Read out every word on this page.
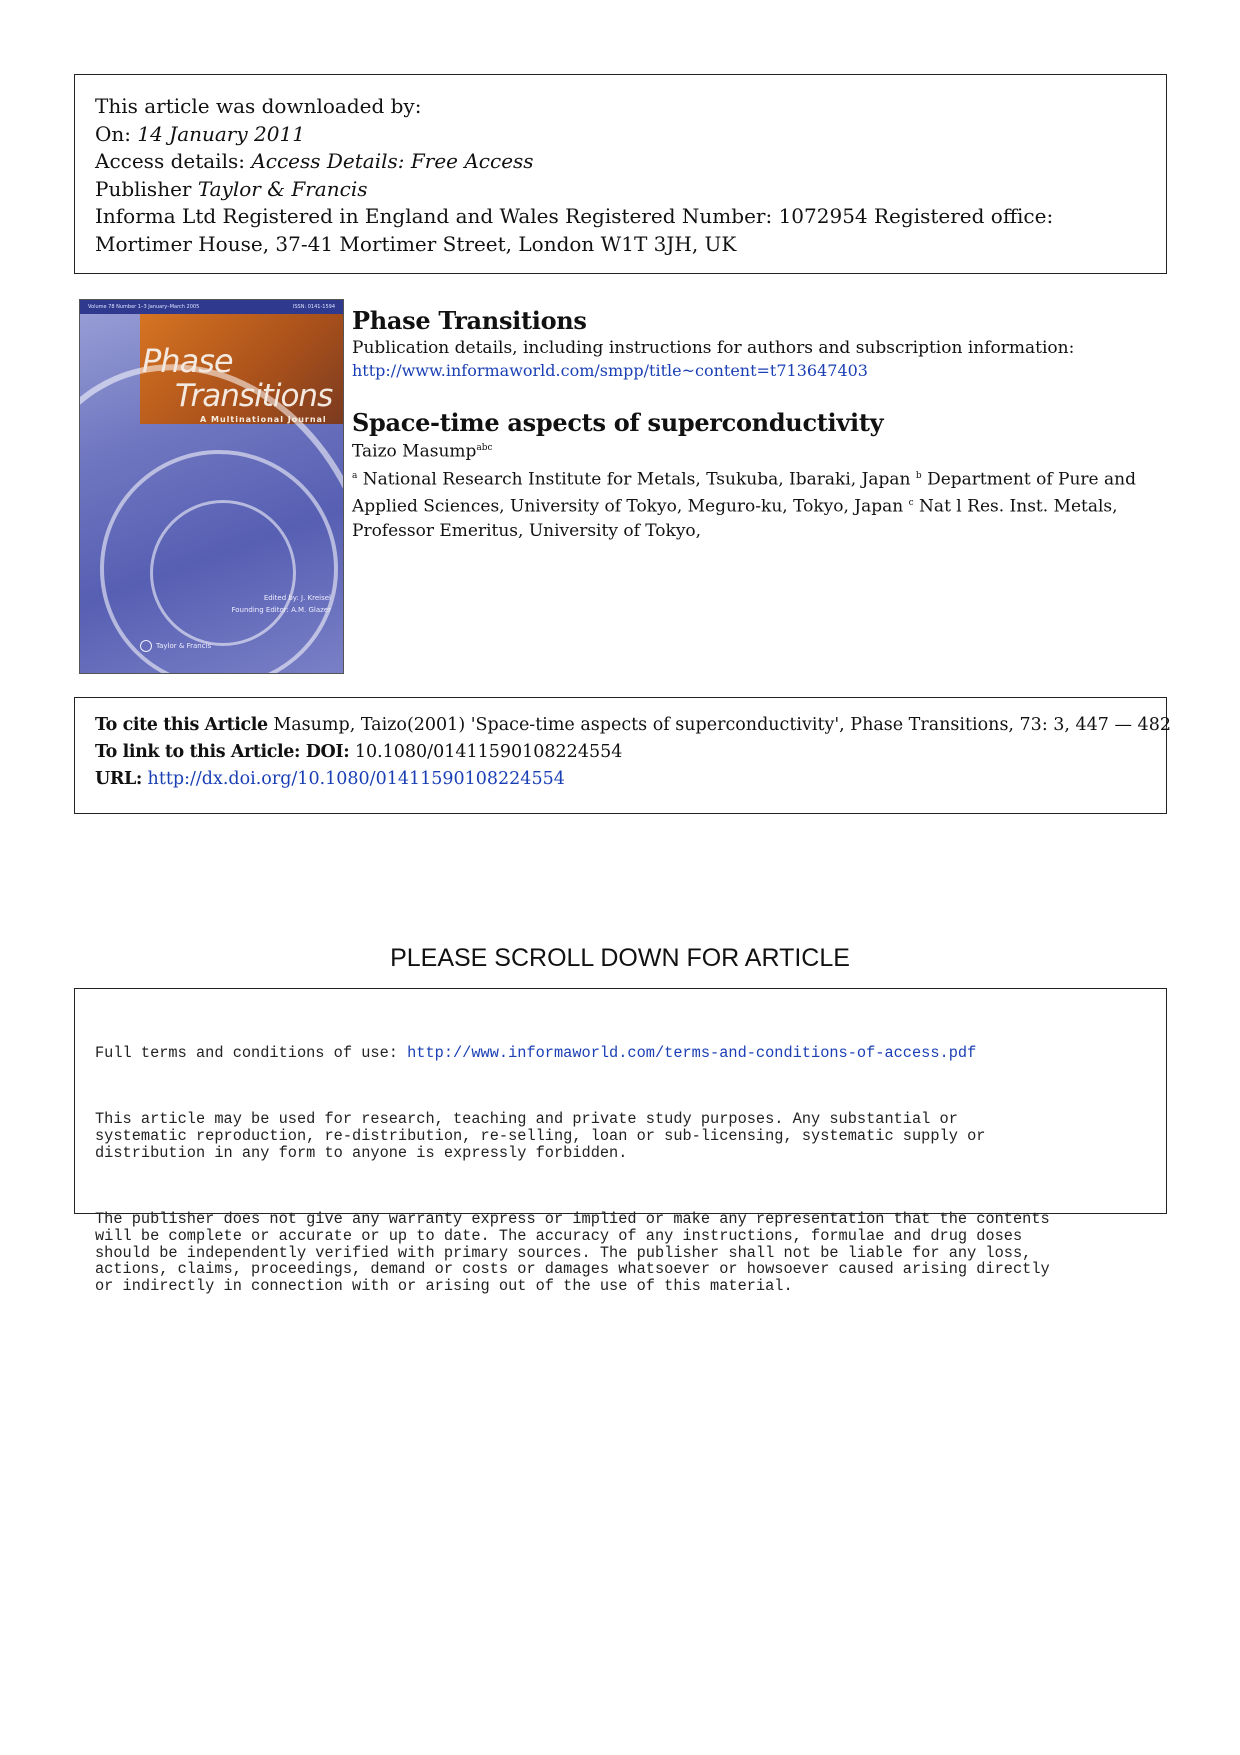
This article was downloaded by:
On: 14 January 2011
Access details: Access Details: Free Access
Publisher Taylor & Francis
Informa Ltd Registered in England and Wales Registered Number: 1072954 Registered office: Mortimer House, 37-41 Mortimer Street, London W1T 3JH, UK
Volume 78 Number 1–3 January–March 2005	ISSN: 0141-1594
Phase
Transitions
A Multinational Journal
Edited by: J. Kreisel
Founding Editor: A.M. Glazer
Taylor & Francis
Phase Transitions
Publication details, including instructions for authors and subscription information:
http://www.informaworld.com/smpp/title~content=t713647403
Space-time aspects of superconductivity
Taizo Masump$^{abc}$
$^a$ National Research Institute for Metals, Tsukuba, Ibaraki, Japan $^b$ Department of Pure and Applied Sciences, University of Tokyo, Meguro-ku, Tokyo, Japan $^c$ Nat l Res. Inst. Metals, Professor Emeritus, University of Tokyo,
To cite this Article Masump, Taizo(2001) 'Space-time aspects of superconductivity', Phase Transitions, 73: 3, 447 — 482
To link to this Article: DOI: 10.1080/01411590108224554
URL: http://dx.doi.org/10.1080/01411590108224554
PLEASE SCROLL DOWN FOR ARTICLE

Full terms and conditions of use: http://www.informaworld.com/terms-and-conditions-of-access.pdf

This article may be used for research, teaching and private study purposes. Any substantial or
systematic reproduction, re-distribution, re-selling, loan or sub-licensing, systematic supply or
distribution in any form to anyone is expressly forbidden.

The publisher does not give any warranty express or implied or make any representation that the contents
will be complete or accurate or up to date. The accuracy of any instructions, formulae and drug doses
should be independently verified with primary sources. The publisher shall not be liable for any loss,
actions, claims, proceedings, demand or costs or damages whatsoever or howsoever caused arising directly
or indirectly in connection with or arising out of the use of this material.
